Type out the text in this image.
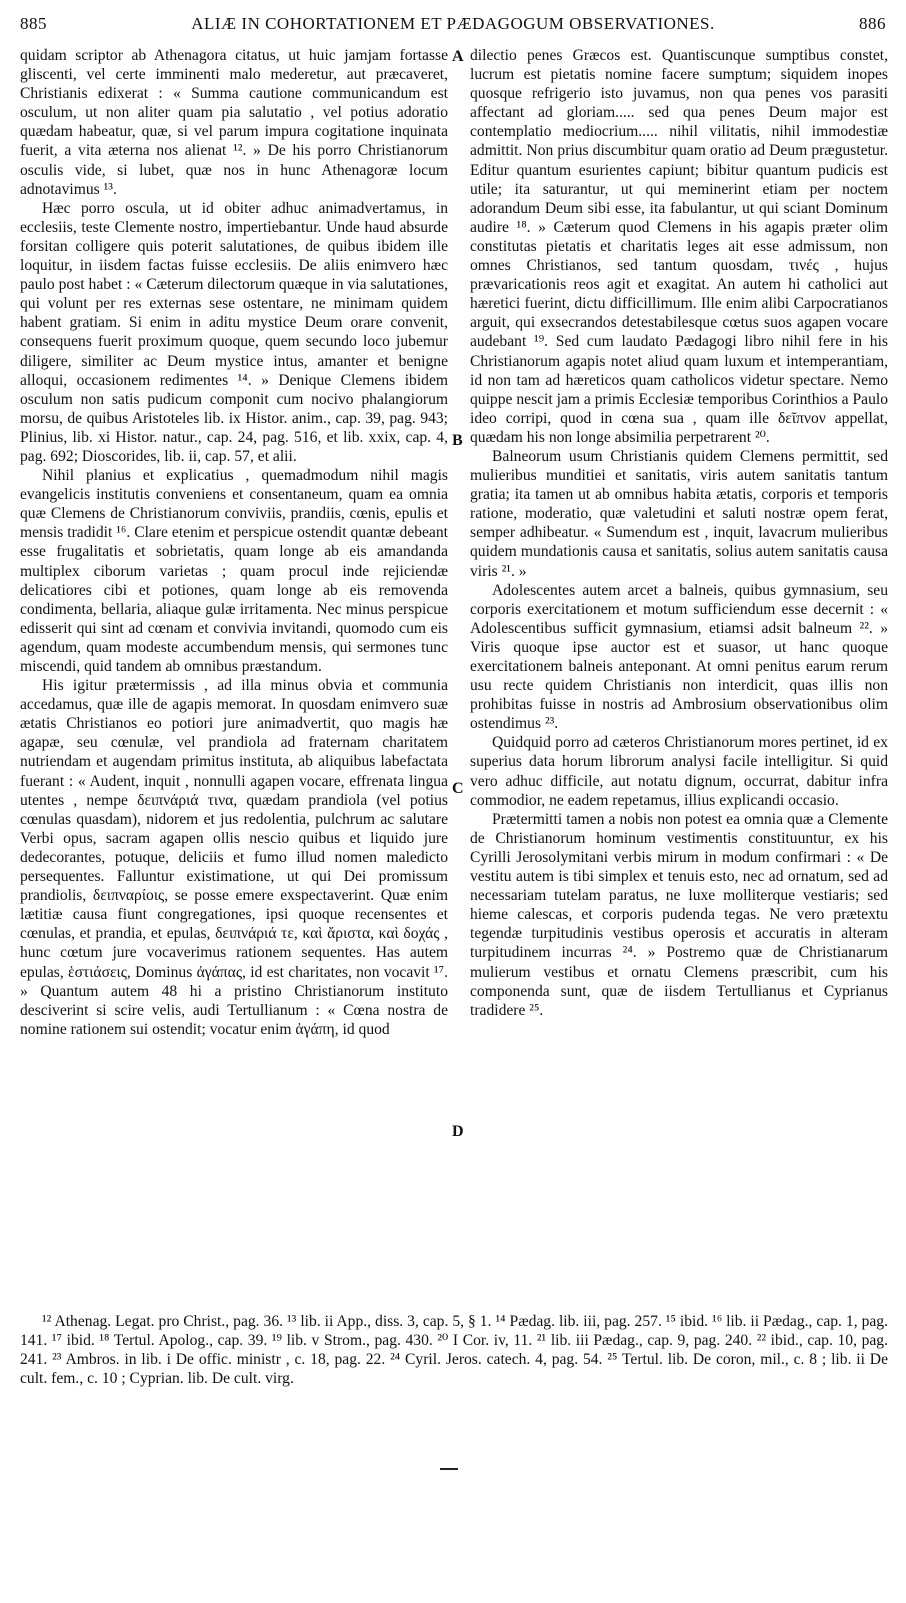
885	ALIÆ IN COHORTATIONEM ET PÆDAGOGUM OBSERVATIONES.	886

quidam scriptor ab Athenagora citatus, ut huic jamjam fortasse gliscenti, vel certe imminenti malo mederetur, aut præcaveret, Christianis edixerat : « Summa cautione communicandum est osculum, ut non aliter quam pia salutatio , vel potius adoratio quædam habeatur, quæ, si vel parum impura cogitatione inquinata fuerit, a vita æterna nos alienat ¹². » De his porro Christianorum osculis vide, si lubet, quæ nos in hunc Athenagoræ locum adnotavimus ¹³.

Hæc porro oscula, ut id obiter adhuc animadvertamus, in ecclesiis, teste Clemente nostro, impertiebantur. Unde haud absurde forsitan colligere quis poterit salutationes, de quibus ibidem ille loquitur, in iisdem factas fuisse ecclesiis. De aliis enimvero hæc paulo post habet : « Cæterum dilectorum quæque in via salutationes, qui volunt per res externas sese ostentare, ne minimam quidem habent gratiam. Si enim in aditu mystice Deum orare convenit, consequens fuerit proximum quoque, quem secundo loco jubemur diligere, similiter ac Deum mystice intus, amanter et benigne alloqui, occasionem redimentes ¹⁴. » Denique Clemens ibidem osculum non satis pudicum componit cum nocivo phalangiorum morsu, de quibus Aristoteles lib. ix Histor. anim., cap. 39, pag. 943; Plinius, lib. xi Histor. natur., cap. 24, pag. 516, et lib. xxix, cap. 4, pag. 692; Dioscorides, lib. ii, cap. 57, et alii.

Nihil planius et explicatius , quemadmodum nihil magis evangelicis institutis conveniens et consentaneum, quam ea omnia quæ Clemens de Christianorum conviviis, prandiis, cœnis, epulis et mensis tradidit ¹⁶. Clare etenim et perspicue ostendit quantæ debeant esse frugalitatis et sobrietatis, quam longe ab eis amandanda multiplex ciborum varietas ; quam procul inde rejiciendæ delicatiores cibi et potiones, quam longe ab eis removenda condimenta, bellaria, aliaque gulæ irritamenta. Nec minus perspicue edisserit qui sint ad cœnam et convivia invitandi, quomodo cum eis agendum, quam modeste accumbendum mensis, qui sermones tunc miscendi, quid tandem ab omnibus præstandum.

His igitur prætermissis , ad illa minus obvia et communia accedamus, quæ ille de agapis memorat. In quosdam enimvero suæ ætatis Christianos eo potiori jure animadvertit, quo magis hæ agapæ, seu cœnulæ, vel prandiola ad fraternam charitatem nutriendam et augendam primitus instituta, ab aliquibus labefactata fuerant : « Audent, inquit , nonnulli agapen vocare, effrenata lingua utentes , nempe δειπνάριά τινα, quædam prandiola (vel potius cœnulas quasdam), nidorem et jus redolentia, pulchrum ac salutare Verbi opus, sacram agapen ollis nescio quibus et liquido jure dedecorantes, potuque, deliciis et fumo illud nomen maledicto persequentes. Falluntur existimatione, ut qui Dei promissum prandiolis, δειπναρίοις, se posse emere exspectaverint. Quæ enim lætitiæ causa fiunt congregationes, ipsi quoque recensentes et cœnulas, et prandia, et epulas, δειπνάριά τε, καὶ ἄριστα, καὶ δοχάς , hunc cœtum jure vocaverimus rationem sequentes. Has autem epulas, ἑστιάσεις, Dominus ἀγάπας, id est charitates, non vocavit ¹⁷. » Quantum autem 48 hi a pristino Christianorum instituto desciverint si scire velis, audi Tertullianum : « Cœna nostra de nomine rationem sui ostendit; vocatur enim ἀγάπη, id quod

A
B
C
D

dilectio penes Græcos est. Quantiscunque sumptibus constet, lucrum est pietatis nomine facere sumptum; siquidem inopes quosque refrigerio isto juvamus, non qua penes vos parasiti affectant ad gloriam..... sed qua penes Deum major est contemplatio mediocrium..... nihil vilitatis, nihil immodestiæ admittit. Non prius discumbitur quam oratio ad Deum prægustetur. Editur quantum esurientes capiunt; bibitur quantum pudicis est utile; ita saturantur, ut qui meminerint etiam per noctem adorandum Deum sibi esse, ita fabulantur, ut qui sciant Dominum audire ¹⁸. » Cæterum quod Clemens in his agapis præter olim constitutas pietatis et charitatis leges ait esse admissum, non omnes Christianos, sed tantum quosdam, τινές , hujus prævaricationis reos agit et exagitat. An autem hi catholici aut hæretici fuerint, dictu difficillimum. Ille enim alibi Carpocratianos arguit, qui exsecrandos detestabilesque cœtus suos agapen vocare audebant ¹⁹. Sed cum laudato Pædagogi libro nihil fere in his Christianorum agapis notet aliud quam luxum et intemperantiam, id non tam ad hæreticos quam catholicos videtur spectare. Nemo quippe nescit jam a primis Ecclesiæ temporibus Corinthios a Paulo ideo corripi, quod in cœna sua , quam ille δεῖπνον appellat, quædam his non longe absimilia perpetrarent ²⁰.

Balneorum usum Christianis quidem Clemens permittit, sed mulieribus munditiei et sanitatis, viris autem sanitatis tantum gratia; ita tamen ut ab omnibus habita ætatis, corporis et temporis ratione, moderatio, quæ valetudini et saluti nostræ opem ferat, semper adhibeatur. « Sumendum est , inquit, lavacrum mulieribus quidem mundationis causa et sanitatis, solius autem sanitatis causa viris ²¹. »

Adolescentes autem arcet a balneis, quibus gymnasium, seu corporis exercitationem et motum sufficiendum esse decernit : « Adolescentibus sufficit gymnasium, etiamsi adsit balneum ²². » Viris quoque ipse auctor est et suasor, ut hanc quoque exercitationem balneis anteponant. At omni penitus earum rerum usu recte quidem Christianis non interdicit, quas illis non prohibitas fuisse in nostris ad Ambrosium observationibus olim ostendimus ²³.

Quidquid porro ad cæteros Christianorum mores pertinet, id ex superius data horum librorum analysi facile intelligitur. Si quid vero adhuc difficile, aut notatu dignum, occurrat, dabitur infra commodior, ne eadem repetamus, illius explicandi occasio.

Prætermitti tamen a nobis non potest ea omnia quæ a Clemente de Christianorum hominum vestimentis constituuntur, ex his Cyrilli Jerosolymitani verbis mirum in modum confirmari : « De vestitu autem is tibi simplex et tenuis esto, nec ad ornatum, sed ad necessariam tutelam paratus, ne luxe molliterque vestiaris; sed hieme calescas, et corporis pudenda tegas. Ne vero prætextu tegendæ turpitudinis vestibus operosis et accuratis in alteram turpitudinem incurras ²⁴. » Postremo quæ de Christianarum mulierum vestibus et ornatu Clemens præscribit, cum his componenda sunt, quæ de iisdem Tertullianus et Cyprianus tradidere ²⁵.

¹² Athenag. Legat. pro Christ., pag. 36. ¹³ lib. ii App., diss. 3, cap. 5, § 1. ¹⁴ Pædag. lib. iii, pag. 257. ¹⁵ ibid. ¹⁶ lib. ii Pædag., cap. 1, pag. 141. ¹⁷ ibid. ¹⁸ Tertul. Apolog., cap. 39. ¹⁹ lib. v Strom., pag. 430. ²⁰ I Cor. iv, 11. ²¹ lib. iii Pædag., cap. 9, pag. 240. ²² ibid., cap. 10, pag. 241. ²³ Ambros. in lib. i De offic. ministr , c. 18, pag. 22. ²⁴ Cyril. Jeros. catech. 4, pag. 54. ²⁵ Tertul. lib. De coron, mil., c. 8 ; lib. ii De cult. fem., c. 10 ; Cyprian. lib. De cult. virg.
